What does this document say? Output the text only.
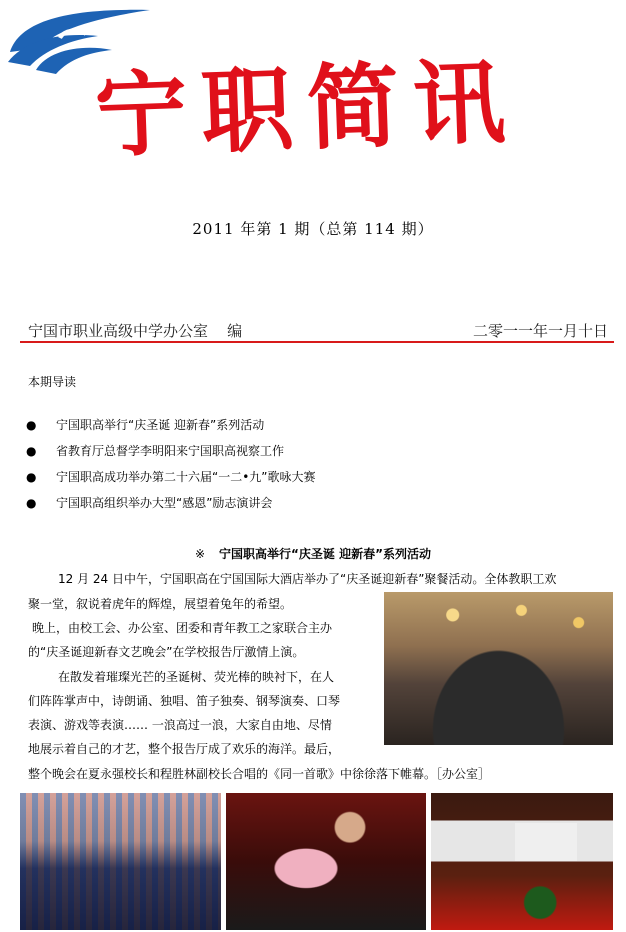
宁职简讯
2011 年第 1 期（总第 114 期）
宁国市职业高级中学办公室    编	二零一一年一月十日
本期导读
● 宁国职高举行“庆圣诞 迎新春”系列活动
● 省教育厅总督学李明阳来宁国职高视察工作
● 宁国职高成功举办第二十六届“一二•九”歌咏大赛
● 宁国职高组织举办大型“感恩”励志演讲会
※ 宁国职高举行“庆圣诞 迎新春”系列活动
12 月 24 日中午，宁国职高在宁国国际大酒店举办了“庆圣诞迎新春”聚餐活动。全体教职工欢
聚一堂，叙说着虎年的辉煌，展望着兔年的希望。
晚上，由校工会、办公室、团委和青年教工之家联合主办
的“庆圣诞迎新春文艺晚会”在学校报告厅激情上演。
在散发着璀璨光芒的圣诞树、荧光棒的映衬下，在人
们阵阵掌声中，诗朗诵、独唱、笛子独奏、钢琴演奏、口琴
表演、游戏等表演…… 一浪高过一浪，大家自由地、尽情
地展示着自己的才艺，整个报告厅成了欢乐的海洋。最后，
整个晚会在夏永强校长和程胜林副校长合唱的《同一首歌》中徐徐落下帷幕。［办公室］
